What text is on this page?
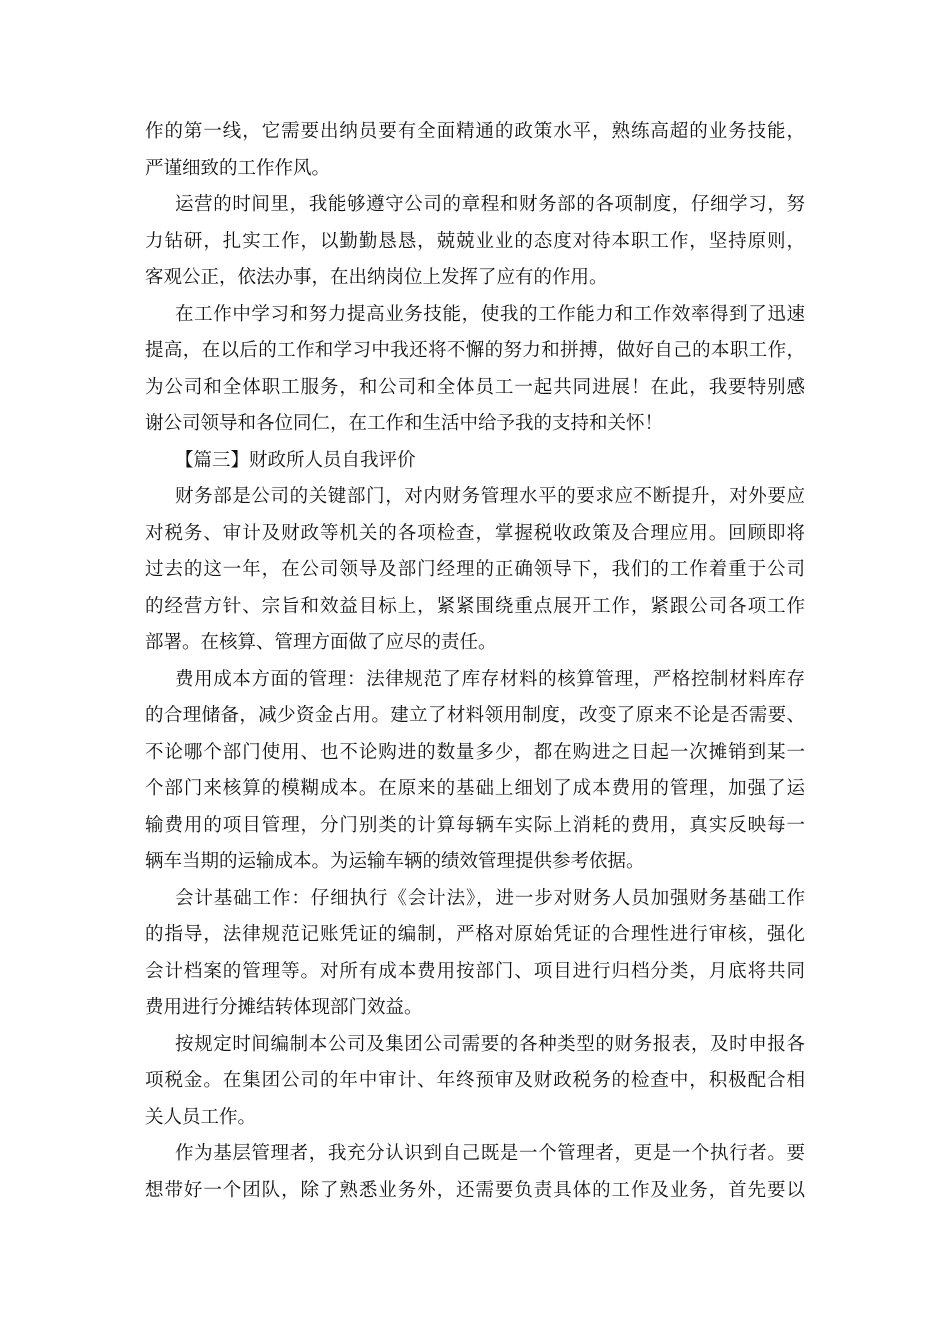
作的第一线，它需要出纳员要有全面精通的政策水平，熟练高超的业务技能，
严谨细致的工作作风。
运营的时间里，我能够遵守公司的章程和财务部的各项制度，仔细学习，努
力钻研，扎实工作，以勤勤恳恳，兢兢业业的态度对待本职工作，坚持原则，
客观公正，依法办事，在出纳岗位上发挥了应有的作用。
在工作中学习和努力提高业务技能，使我的工作能力和工作效率得到了迅速
提高，在以后的工作和学习中我还将不懈的努力和拼搏，做好自己的本职工作，
为公司和全体职工服务，和公司和全体员工一起共同进展！在此，我要特别感
谢公司领导和各位同仁，在工作和生活中给予我的支持和关怀！
【篇三】财政所人员自我评价
财务部是公司的关键部门，对内财务管理水平的要求应不断提升，对外要应
对税务、审计及财政等机关的各项检查，掌握税收政策及合理应用。回顾即将
过去的这一年，在公司领导及部门经理的正确领导下，我们的工作着重于公司
的经营方针、宗旨和效益目标上，紧紧围绕重点展开工作，紧跟公司各项工作
部署。在核算、管理方面做了应尽的责任。
费用成本方面的管理：法律规范了库存材料的核算管理，严格控制材料库存
的合理储备，减少资金占用。建立了材料领用制度，改变了原来不论是否需要、
不论哪个部门使用、也不论购进的数量多少，都在购进之日起一次摊销到某一
个部门来核算的模糊成本。在原来的基础上细划了成本费用的管理，加强了运
输费用的项目管理，分门别类的计算每辆车实际上消耗的费用，真实反映每一
辆车当期的运输成本。为运输车辆的绩效管理提供参考依据。
会计基础工作：仔细执行《会计法》，进一步对财务人员加强财务基础工作
的指导，法律规范记账凭证的编制，严格对原始凭证的合理性进行审核，强化
会计档案的管理等。对所有成本费用按部门、项目进行归档分类，月底将共同
费用进行分摊结转体现部门效益。
按规定时间编制本公司及集团公司需要的各种类型的财务报表，及时申报各
项税金。在集团公司的年中审计、年终预审及财政税务的检查中，积极配合相
关人员工作。
作为基层管理者，我充分认识到自己既是一个管理者，更是一个执行者。要
想带好一个团队，除了熟悉业务外，还需要负责具体的工作及业务，首先要以
